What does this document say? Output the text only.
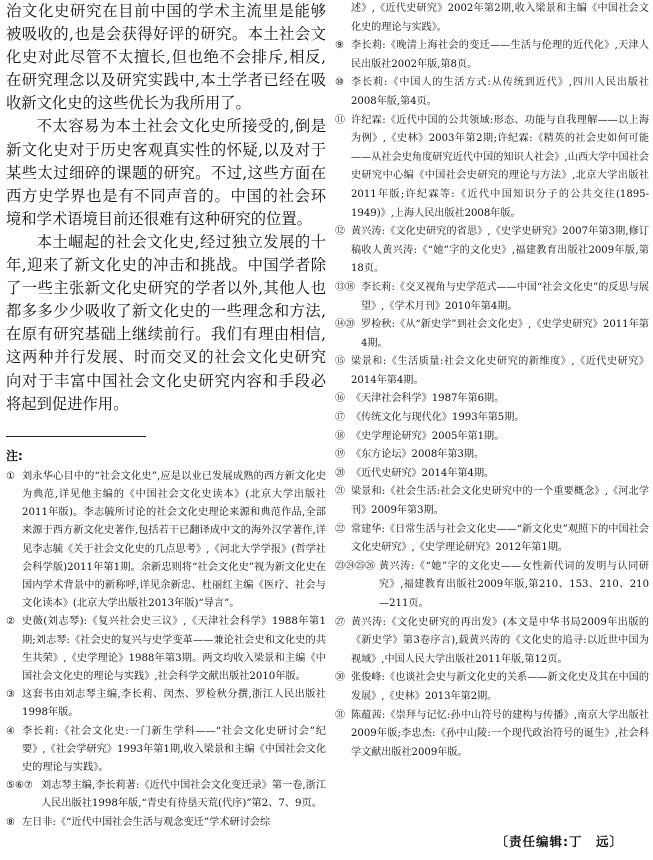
治文化史研究在目前中国的学术主流里是能够被吸收的,也是会获得好评的研究。本土社会文化史对此尽管不太擅长,但也绝不会排斥,相反,在研究理念以及研究实践中,本土学者已经在吸收新文化史的这些优长为我所用了。

不太容易为本土社会文化史所接受的,倒是新文化史对于历史客观真实性的怀疑,以及对于某些太过细碎的课题的研究。不过,这些方面在西方史学界也是有不同声音的。中国的社会环境和学术语境目前还很难有这种研究的位置。

本土崛起的社会文化史,经过独立发展的十年,迎来了新文化史的冲击和挑战。中国学者除了一些主张新文化史研究的学者以外,其他人也都多多少少吸收了新文化史的一些理念和方法,在原有研究基础上继续前行。我们有理由相信,这两种并行发展、时而交叉的社会文化史研究向对于丰富中国社会文化史研究内容和手段必将起到促进作用。

注:
① 刘永华心目中的“社会文化史”,应是以业已发展成熟的西方新文化史为典范,详见他主编的《中国社会文化史读本》(北京大学出版社2011年版)。李志毓所讨论的社会文化史理论来源和典范作品,全部来源于西方新文化史著作,包括若干已翻译成中文的海外汉学著作,详见李志毓《关于社会文化史的几点思考》,《河北大学学报》(哲学社会科学版)2011年第1期。余新忠则将“社会文化史”视为新文化史在国内学术背景中的新称呼,详见余新忠、杜丽红主编《医疗、社会与文化读本》(北京大学出版社2013年版)“导言”。
② 史薇(刘志琴):《复兴社会史三议》,《天津社会科学》1988年第1期;刘志琴:《社会史的复兴与史学变革——兼论社会史和文化史的共生共荣》,《史学理论》1988年第3期。两文均收入梁景和主编《中国社会文化史的理论与实践》,社会科学文献出版社2010年版。
③ 这套书由刘志琴主编,李长莉、闵杰、罗检秋分撰,浙江人民出版社1998年版。
④ 李长莉:《社会文化史:一门新生学科——“社会文化史研讨会”纪要》,《社会学研究》1993年第1期,收入梁景和主编《中国社会文化史的理论与实践》。
⑤⑥⑦ 刘志琴主编,李长莉著:《近代中国社会文化变迁录》第一卷,浙江人民出版社1998年版,“青史有待垦天荒(代序)”第2、7、9页。
⑧ 左日非:《“近代中国社会生活与观念变迁”学术研讨会综
述》,《近代史研究》2002年第2期,收入梁景和主编《中国社会文化史的理论与实践》。
⑨ 李长莉:《晚清上海社会的变迁——生活与伦理的近代化》,天津人民出版社2002年版,第8页。
⑩ 李长莉:《中国人的生活方式:从传统到近代》,四川人民出版社2008年版,第4页。
⑪ 许纪霖:《近代中国的公共领域:形态、功能与自我理解——以上海为例》,《史林》2003年第2期;许纪霖:《精英的社会史如何可能——从社会史角度研究近代中国的知识人社会》,山西大学中国社会史研究中心编《中国社会史研究的理论与方法》,北京大学出版社2011年版;许纪霖等:《近代中国知识分子的公共交往(1895-1949)》,上海人民出版社2008年版。
⑫ 黄兴涛:《文化史研究的省思》,《史学史研究》2007年第3期,修订稿收人黄兴涛:《“她”字的文化史》,福建教育出版社2009年版,第18页。
⑬⑱ 李长莉:《交叉视角与史学范式——中国“社会文化史”的反思与展望》,《学术月刊》2010年第4期。
⑭⑳ 罗检秋:《从“新史学”到社会文化史》,《史学史研究》2011年第4期。
⑮ 梁景和:《生活质量:社会文化史研究的新维度》,《近代史研究》2014年第4期。
⑯ 《天津社会科学》1987年第6期。
⑰ 《传统文化与现代化》1993年第5期。
⑱ 《史学理论研究》2005年第1期。
⑲ 《东方论坛》2008年第3期。
⑳ 《近代史研究》2014年第4期。
㉑ 梁景和:《社会生活:社会文化史研究中的一个重要概念》,《河北学刊》2009年第3期。
㉒ 常建华:《日常生活与社会文化史——“新文化史”观照下的中国社会文化史研究》,《史学理论研究》2012年第1期。
㉓㉔㉕㉖ 黄兴涛:《“她”字的文化史——女性新代词的发明与认同研究》,福建教育出版社2009年版,第210、153、210、210—211页。
㉗ 黄兴涛:《文化史研究的再出发》(本文是中华书局2009年出版的《新史学》第3卷序言),载黄兴涛的《文化史的追寻:以近世中国为视域》,中国人民大学出版社2011年版,第12页。
㉚ 张俊峰:《也谈社会史与新文化史的关系——新文化史及其在中国的发展》,《史林》2013年第2期。
㉛ 陈蕴茜:《崇拜与记忆:孙中山符号的建构与传播》,南京大学出版社2009年版;李忠杰:《孙中山陵:一个现代政治符号的诞生》,社会科学文献出版社2009年版。
〔责任编辑:丁　远〕
